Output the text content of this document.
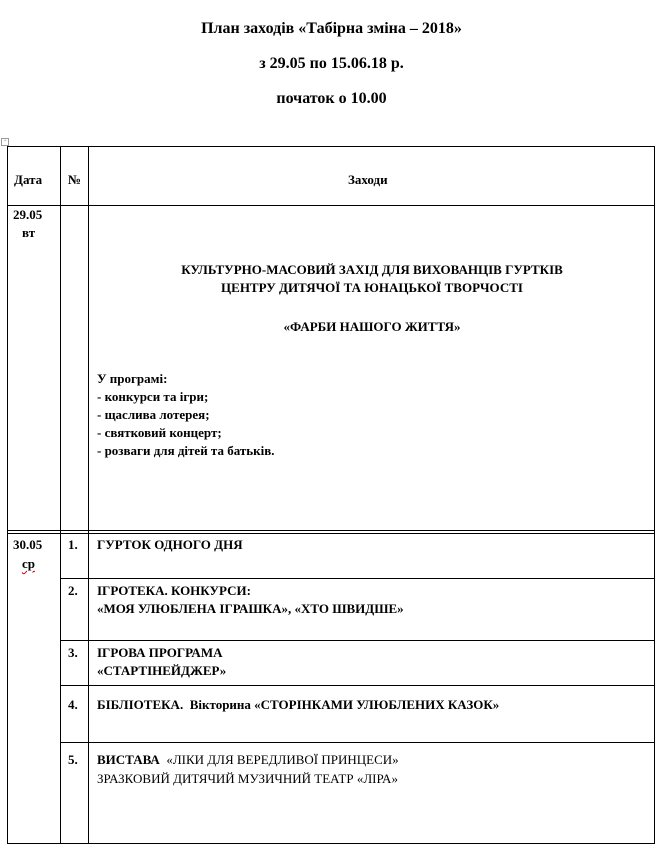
План заходів «Табірна зміна – 2018»
з 29.05 по 15.06.18 р.
початок о 10.00
+
Дата №	Заходи
29.05
вт
КУЛЬТУРНО-МАСОВИЙ ЗАХІД ДЛЯ ВИХОВАНЦІВ ГУРТКІВ
ЦЕНТРУ ДИТЯЧОЇ ТА ЮНАЦЬКОЇ ТВОРЧОСТІ
«ФАРБИ НАШОГО ЖИТТЯ»
У програмі:
- конкурси та ігри;
- щаслива лотерея;
- святковий концерт;
- розваги для дітей та батьків.
30.05
ср
1. ГУРТОК ОДНОГО ДНЯ
2. ІГРОТЕКА. КОНКУРСИ:
«МОЯ УЛЮБЛЕНА ІГРАШКА», «ХТО ШВИДШЕ»
3. ІГРОВА ПРОГРАМА
«СТАРТІНЕЙДЖЕР»
4. БІБЛІОТЕКА. Вікторина «СТОРІНКАМИ УЛЮБЛЕНИХ КАЗОК»
5. ВИСТАВА «ЛІКИ ДЛЯ ВЕРЕДЛИВОЇ ПРИНЦЕСИ»
ЗРАЗКОВИЙ ДИТЯЧИЙ МУЗИЧНИЙ ТЕАТР «ЛІРА»
